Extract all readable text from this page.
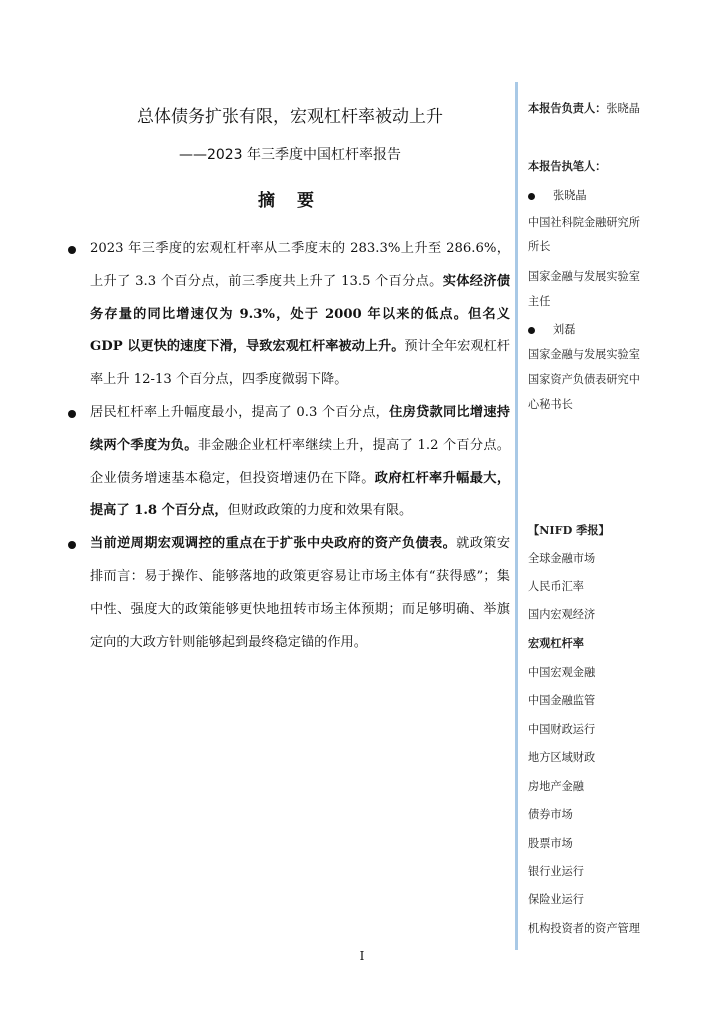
总体债务扩张有限，宏观杠杆率被动上升
——2023 年三季度中国杠杆率报告
摘 要
2023 年三季度的宏观杠杆率从二季度末的 283.3%上升至 286.6%，上升了 3.3 个百分点，前三季度共上升了 13.5 个百分点。实体经济债务存量的同比增速仅为 9.3%，处于 2000 年以来的低点。但名义 GDP 以更快的速度下滑，导致宏观杠杆率被动上升。预计全年宏观杠杆率上升 12-13 个百分点，四季度微弱下降。
居民杠杆率上升幅度最小，提高了 0.3 个百分点，住房贷款同比增速持续两个季度为负。非金融企业杠杆率继续上升，提高了 1.2 个百分点。企业债务增速基本稳定，但投资增速仍在下降。政府杠杆率升幅最大，提高了 1.8 个百分点，但财政政策的力度和效果有限。
当前逆周期宏观调控的重点在于扩张中央政府的资产负债表。就政策安排而言：易于操作、能够落地的政策更容易让市场主体有“获得感”；集中性、强度大的政策能够更快地扭转市场主体预期；而足够明确、举旗定向的大政方针则能够起到最终稳定锚的作用。
本报告负责人：张晓晶
本报告执笔人：
张晓晶
中国社科院金融研究所
所长
国家金融与发展实验室
主任
刘磊
国家金融与发展实验室
国家资产负债表研究中
心秘书长
【NIFD 季报】
全球金融市场
人民币汇率
国内宏观经济
宏观杠杆率
中国宏观金融
中国金融监管
中国财政运行
地方区域财政
房地产金融
债券市场
股票市场
银行业运行
保险业运行
机构投资者的资产管理
I
